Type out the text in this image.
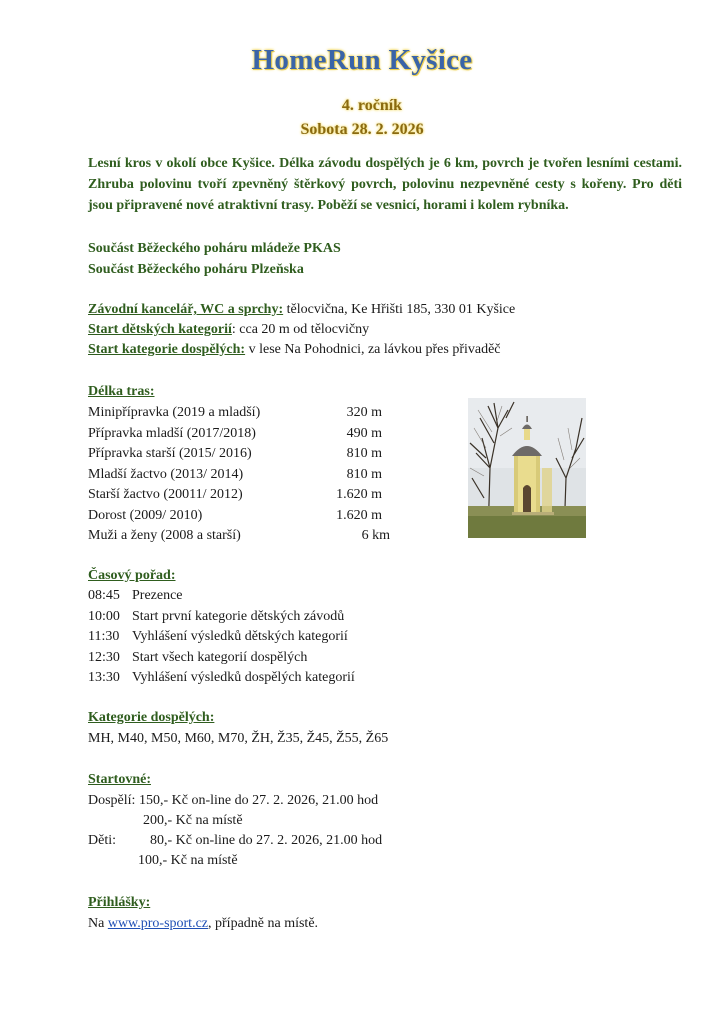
HomeRun Kyšice
4. ročník
Sobota 28. 2. 2026
Lesní kros v okolí obce Kyšice. Délka závodu dospělých je 6 km, povrch je tvořen lesními cestami. Zhruba polovinu tvoří zpevněný štěrkový povrch, polovinu nezpevněné cesty s kořeny. Pro děti jsou připravené nové atraktivní trasy. Poběží se vesnicí, horami i kolem rybníka.
Součást Běžeckého poháru mládeže PKAS
Součást Běžeckého poháru Plzeňska
Závodní kancelář, WC a sprchy: tělocvična, Ke Hřišti 185, 330 01 Kyšice
Start dětských kategorií: cca 20 m od tělocvičny
Start kategorie dospělých: v lese Na Pohodnici, za lávkou přes přivaděč
Délka tras:
Minipřípravka (2019 a mladší)	320 m
Přípravka mladší (2017/2018)	490 m
Přípravka starší (2015/ 2016)	810 m
Mladší žactvo (2013/ 2014)	810 m
Starší žactvo (20011/ 2012)	1.620 m
Dorost (2009/ 2010)	1.620 m
Muži a ženy (2008 a starší)	6 km
Časový pořad:
08:45 Prezence
10:00 Start první kategorie dětských závodů
11:30 Vyhlášení výsledků dětských kategorií
12:30 Start všech kategorií dospělých
13:30 Vyhlášení výsledků dospělých kategorií
Kategorie dospělých:
MH, M40, M50, M60, M70, ŽH, Ž35, Ž45, Ž55, Ž65
Startovné:
Dospělí: 150,- Kč on-line do 27. 2. 2026, 21.00 hod
200,- Kč na místě
Děti: 80,- Kč on-line do 27. 2. 2026, 21.00 hod
100,- Kč na místě
Přihlášky:
Na www.pro-sport.cz, případně na místě.
